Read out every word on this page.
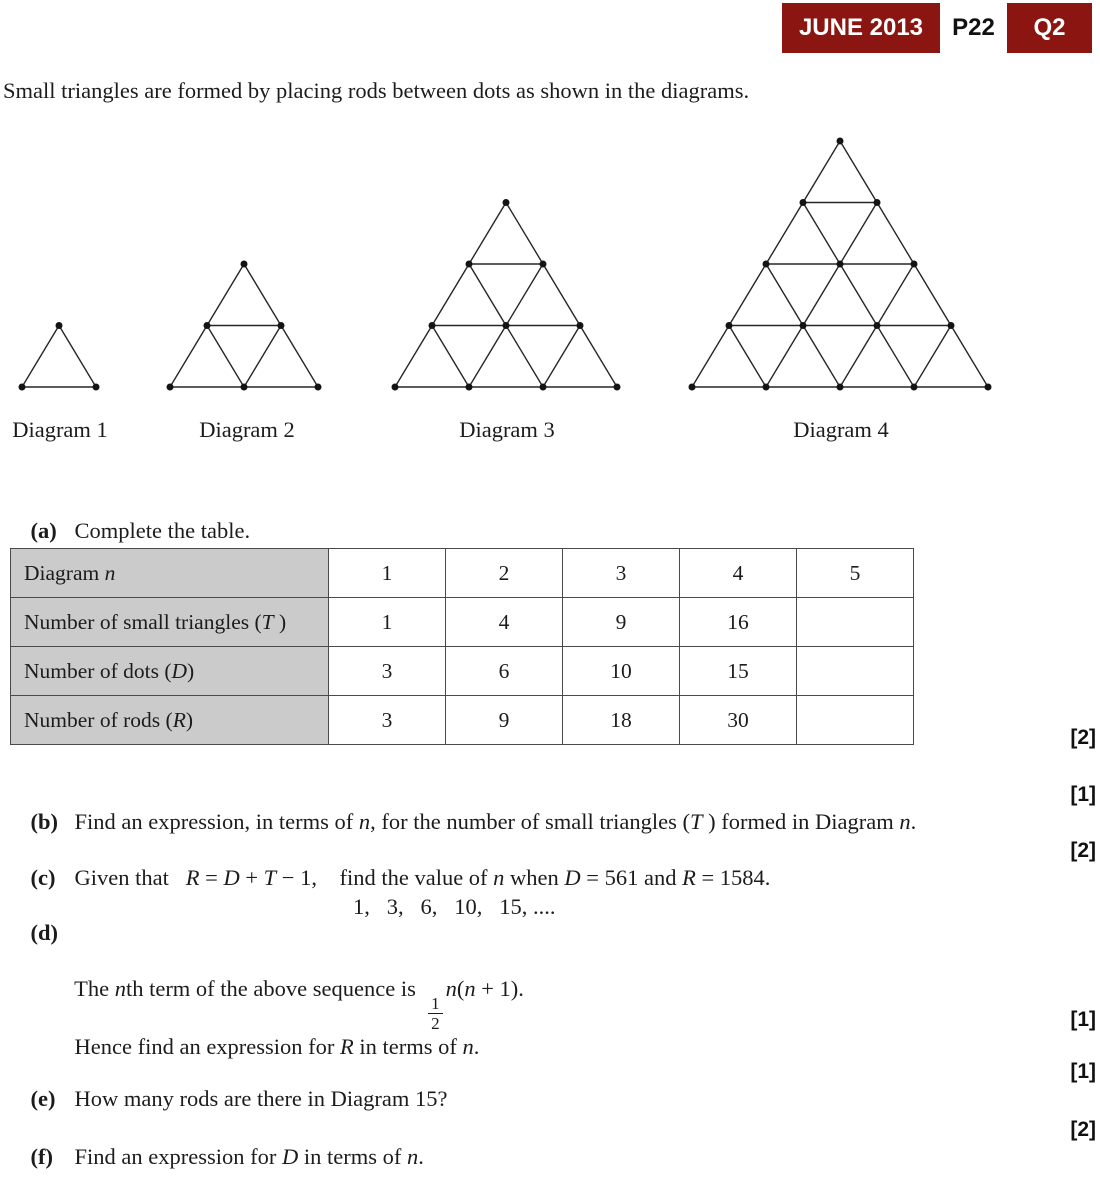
JUNE 2013	P22	Q2
Small triangles are formed by placing rods between dots as shown in the diagrams.
Diagram 1	Diagram 2	Diagram 3	Diagram 4

(a) Complete the table.

Diagram n	1	2	3	4	5
Number of small triangles (T )	1	4	9	16	
Number of dots (D)	3	6	10	15	
Number of rods (R)	3	9	18	30	
[2]

(b) Find an expression, in terms of n, for the number of small triangles (T ) formed in Diagram n.

[1]

(c) Given that   R = D + T − 1,    find the value of n when D = 561 and R = 1584.

[2]

(d)

1,   3,   6,   10,   15, ....

The nth term of the above sequence is
$\frac{1}{2}$
n(n + 1).

Hence find an expression for R in terms of n.

[1]

(e) How many rods are there in Diagram 15?

[1]

(f) Find an expression for D in terms of n.

[2]
